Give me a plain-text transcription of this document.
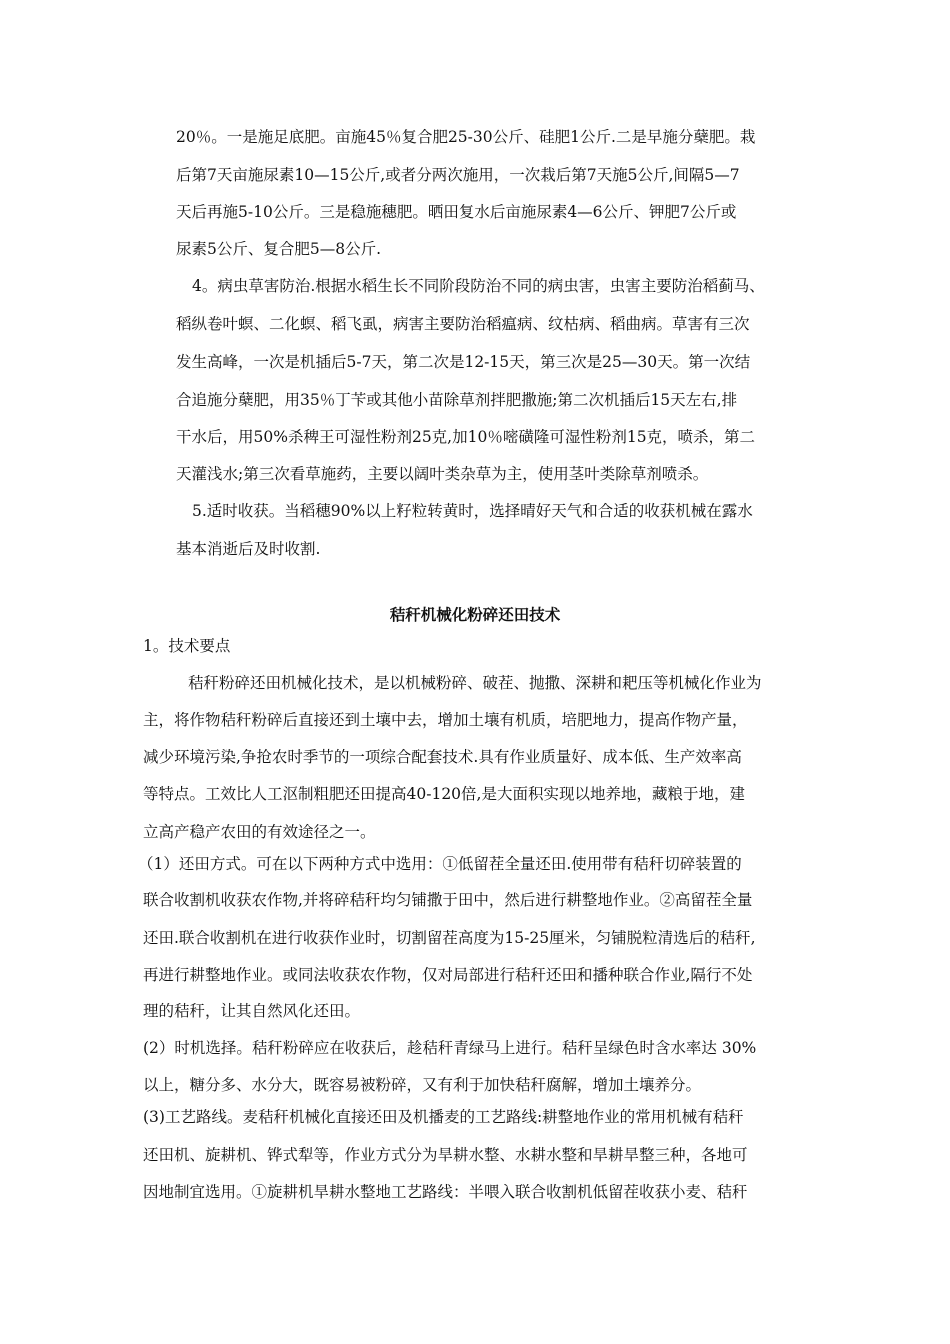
20％。一是施足底肥。亩施45％复合肥25-30公斤、硅肥1公斤.二是早施分蘖肥。栽
后第7天亩施尿素10—15公斤,或者分两次施用，一次栽后第7天施5公斤,间隔5—7
天后再施5-10公斤。三是稳施穗肥。晒田复水后亩施尿素4—6公斤、钾肥7公斤或
尿素5公斤、复合肥5—8公斤.
4。病虫草害防治.根据水稻生长不同阶段防治不同的病虫害，虫害主要防治稻蓟马、
稻纵卷叶螟、二化螟、稻飞虱，病害主要防治稻瘟病、纹枯病、稻曲病。草害有三次
发生高峰，一次是机插后5-7天，第二次是12-15天，第三次是25—30天。第一次结
合追施分蘖肥，用35％丁苄或其他小苗除草剂拌肥撒施;第二次机插后15天左右,排
干水后，用50%杀稗王可湿性粉剂25克,加10％嘧磺隆可湿性粉剂15克，喷杀，第二
天灌浅水;第三次看草施药，主要以阔叶类杂草为主，使用茎叶类除草剂喷杀。
5.适时收获。当稻穗90%以上籽粒转黄时，选择晴好天气和合适的收获机械在露水
基本消逝后及时收割.
秸秆机械化粉碎还田技术
1。技术要点
秸秆粉碎还田机械化技术，是以机械粉碎、破茬、抛撒、深耕和耙压等机械化作业为
主，将作物秸秆粉碎后直接还到土壤中去，增加土壤有机质，培肥地力，提高作物产量，
减少环境污染,争抢农时季节的一项综合配套技术.具有作业质量好、成本低、生产效率高
等特点。工效比人工沤制粗肥还田提高40-120倍,是大面积实现以地养地，藏粮于地，建
立高产稳产农田的有效途径之一。
（1）还田方式。可在以下两种方式中选用：①低留茬全量还田.使用带有秸秆切碎装置的
联合收割机收获农作物,并将碎秸秆均匀铺撒于田中，然后进行耕整地作业。②高留茬全量
还田.联合收割机在进行收获作业时，切割留茬高度为15-25厘米，匀铺脱粒清选后的秸秆,
再进行耕整地作业。或同法收获农作物，仅对局部进行秸秆还田和播种联合作业,隔行不处
理的秸秆，让其自然风化还田。
(2）时机选择。秸秆粉碎应在收获后，趁秸秆青绿马上进行。秸秆呈绿色时含水率达 30%
以上，糖分多、水分大，既容易被粉碎，又有利于加快秸秆腐解，增加土壤养分。
(3)工艺路线。麦秸秆机械化直接还田及机播麦的工艺路线:耕整地作业的常用机械有秸秆
还田机、旋耕机、铧式犁等，作业方式分为旱耕水整、水耕水整和旱耕旱整三种，各地可
因地制宜选用。①旋耕机旱耕水整地工艺路线：半喂入联合收割机低留茬收获小麦、秸秆
